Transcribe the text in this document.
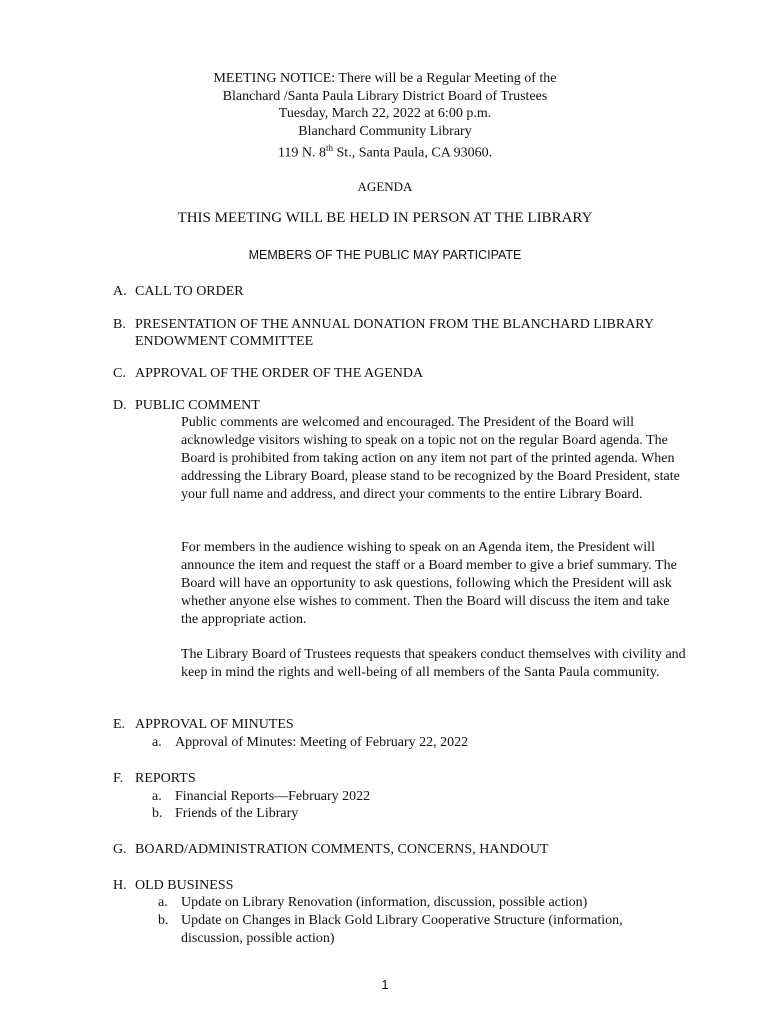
MEETING NOTICE: There will be a Regular Meeting of the
Blanchard /Santa Paula Library District Board of Trustees
Tuesday, March 22, 2022 at 6:00 p.m.
Blanchard Community Library
119 N. 8th St., Santa Paula, CA 93060.
AGENDA
THIS MEETING WILL BE HELD IN PERSON AT THE LIBRARY
MEMBERS OF THE PUBLIC MAY PARTICIPATE
A. CALL TO ORDER
B. PRESENTATION OF THE ANNUAL DONATION FROM THE BLANCHARD LIBRARY ENDOWMENT COMMITTEE
C. APPROVAL OF THE ORDER OF THE AGENDA
D. PUBLIC COMMENT
Public comments are welcomed and encouraged. The President of the Board will acknowledge visitors wishing to speak on a topic not on the regular Board agenda. The Board is prohibited from taking action on any item not part of the printed agenda. When addressing the Library Board, please stand to be recognized by the Board President, state your full name and address, and direct your comments to the entire Library Board.
For members in the audience wishing to speak on an Agenda item, the President will announce the item and request the staff or a Board member to give a brief summary. The Board will have an opportunity to ask questions, following which the President will ask whether anyone else wishes to comment. Then the Board will discuss the item and take the appropriate action.
The Library Board of Trustees requests that speakers conduct themselves with civility and keep in mind the rights and well-being of all members of the Santa Paula community.
E. APPROVAL OF MINUTES
a. Approval of Minutes: Meeting of February 22, 2022
F. REPORTS
a. Financial Reports—February 2022
b. Friends of the Library
G. BOARD/ADMINISTRATION COMMENTS, CONCERNS, HANDOUT
H. OLD BUSINESS
a. Update on Library Renovation (information, discussion, possible action)
b. Update on Changes in Black Gold Library Cooperative Structure (information, discussion, possible action)
1
